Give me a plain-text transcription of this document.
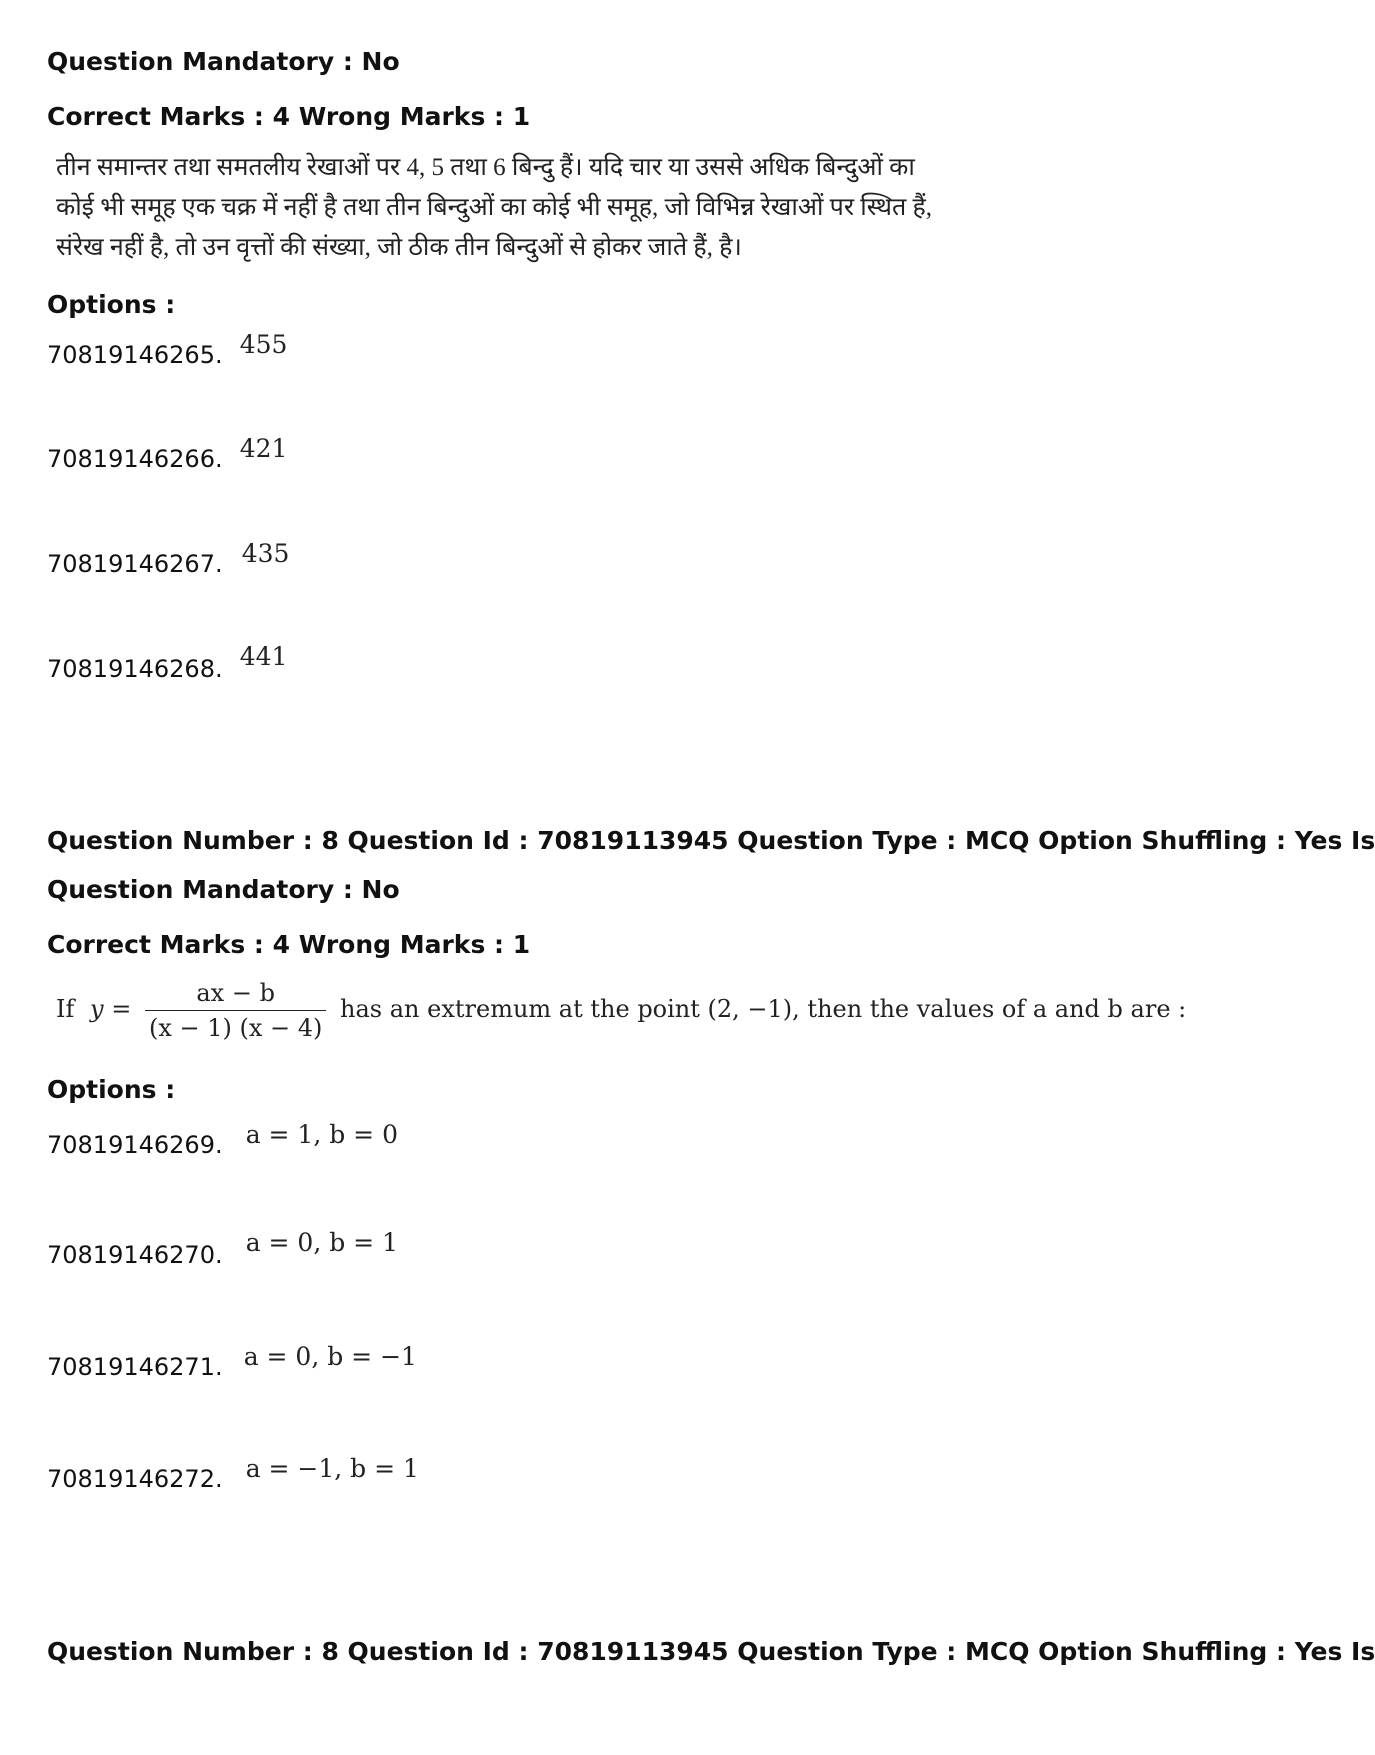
Question Mandatory : No
Correct Marks : 4 Wrong Marks : 1
तीन समान्तर तथा समतलीय रेखाओं पर 4, 5 तथा 6 बिन्दु हैं। यदि चार या उससे अधिक बिन्दुओं का कोई भी समूह एक चक्र में नहीं है तथा तीन बिन्दुओं का कोई भी समूह, जो विभिन्न रेखाओं पर स्थित हैं, संरेख नहीं है, तो उन वृत्तों की संख्या, जो ठीक तीन बिन्दुओं से होकर जाते हैं, है।
Options :
70819146265. 455
70819146266. 421
70819146267. 435
70819146268. 441
Question Number : 8 Question Id : 70819113945 Question Type : MCQ Option Shuffling : Yes Is
Question Mandatory : No
Correct Marks : 4 Wrong Marks : 1
If $y = \frac{ax - b}{(x - 1) (x - 4)}$ has an extremum at the point (2, −1), then the values of a and b are :
Options :
70819146269. a = 1, b = 0
70819146270. a = 0, b = 1
70819146271. a = 0, b = −1
70819146272. a = −1, b = 1
Question Number : 8 Question Id : 70819113945 Question Type : MCQ Option Shuffling : Yes Is
